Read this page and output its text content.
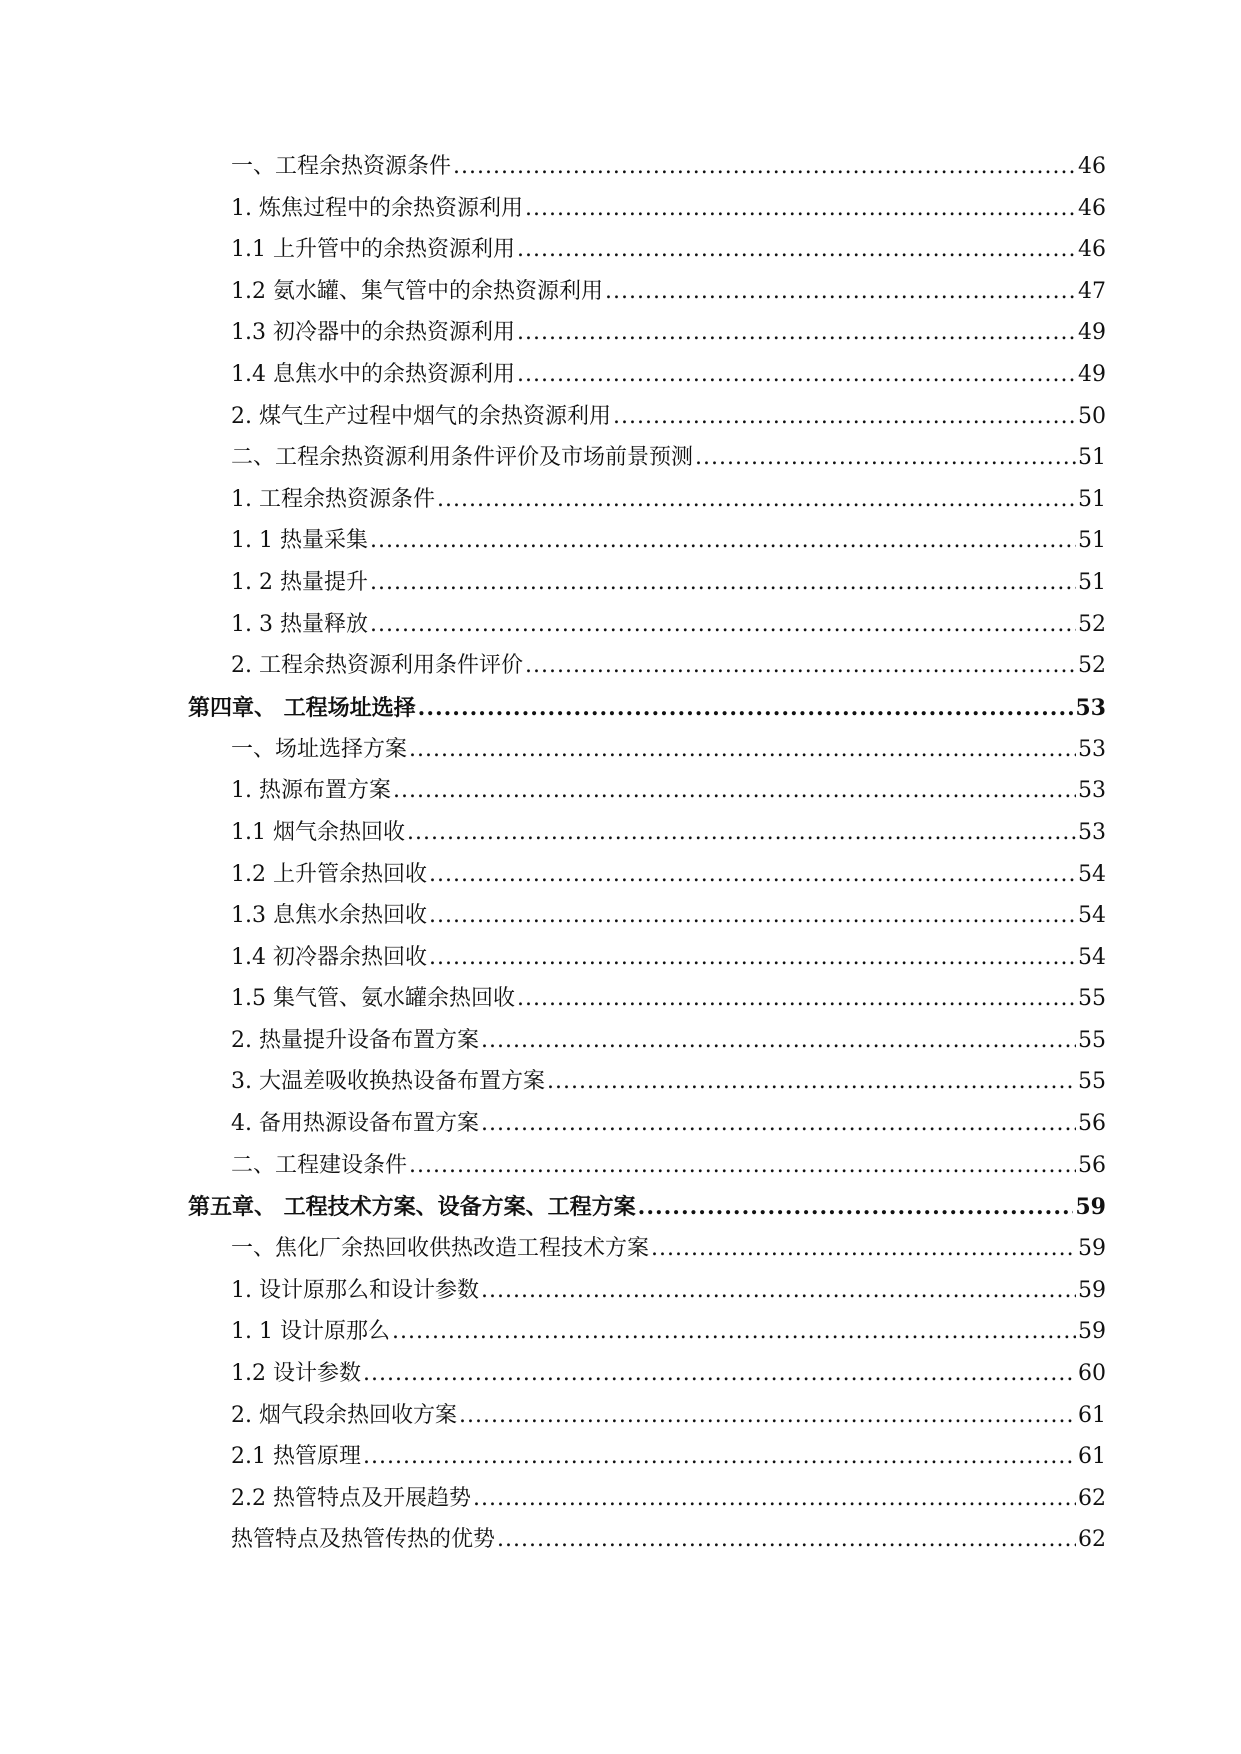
一、工程余热资源条件 .....	46
1. 炼焦过程中的余热资源利用 .....	46
1.1 上升管中的余热资源利用 .....	46
1.2 氨水罐、集气管中的余热资源利用 .....	47
1.3 初冷器中的余热资源利用 .....	49
1.4 息焦水中的余热资源利用 .....	49
2. 煤气生产过程中烟气的余热资源利用 .....	50
二、工程余热资源利用条件评价及市场前景预测 .....	51
1. 工程余热资源条件 .....	51
1. 1 热量采集 .....	51
1. 2 热量提升 .....	51
1. 3 热量释放 .....	52
2. 工程余热资源利用条件评价 .....	52
第四章、 工程场址选择 .....	53
一、场址选择方案 .....	53
1. 热源布置方案 .....	53
1.1 烟气余热回收 .....	53
1.2 上升管余热回收 .....	54
1.3 息焦水余热回收 .....	54
1.4 初冷器余热回收 .....	54
1.5 集气管、氨水罐余热回收 .....	55
2. 热量提升设备布置方案 .....	55
3. 大温差吸收换热设备布置方案 .....	55
4. 备用热源设备布置方案 .....	56
二、工程建设条件 .....	56
第五章、 工程技术方案、设备方案、工程方案 .....	59
一、焦化厂余热回收供热改造工程技术方案 .....	59
1. 设计原那么和设计参数 .....	59
1. 1 设计原那么 .....	59
1.2 设计参数 .....	60
2. 烟气段余热回收方案 .....	61
2.1 热管原理 .....	61
2.2 热管特点及开展趋势 .....	62
热管特点及热管传热的优势 .....	62
